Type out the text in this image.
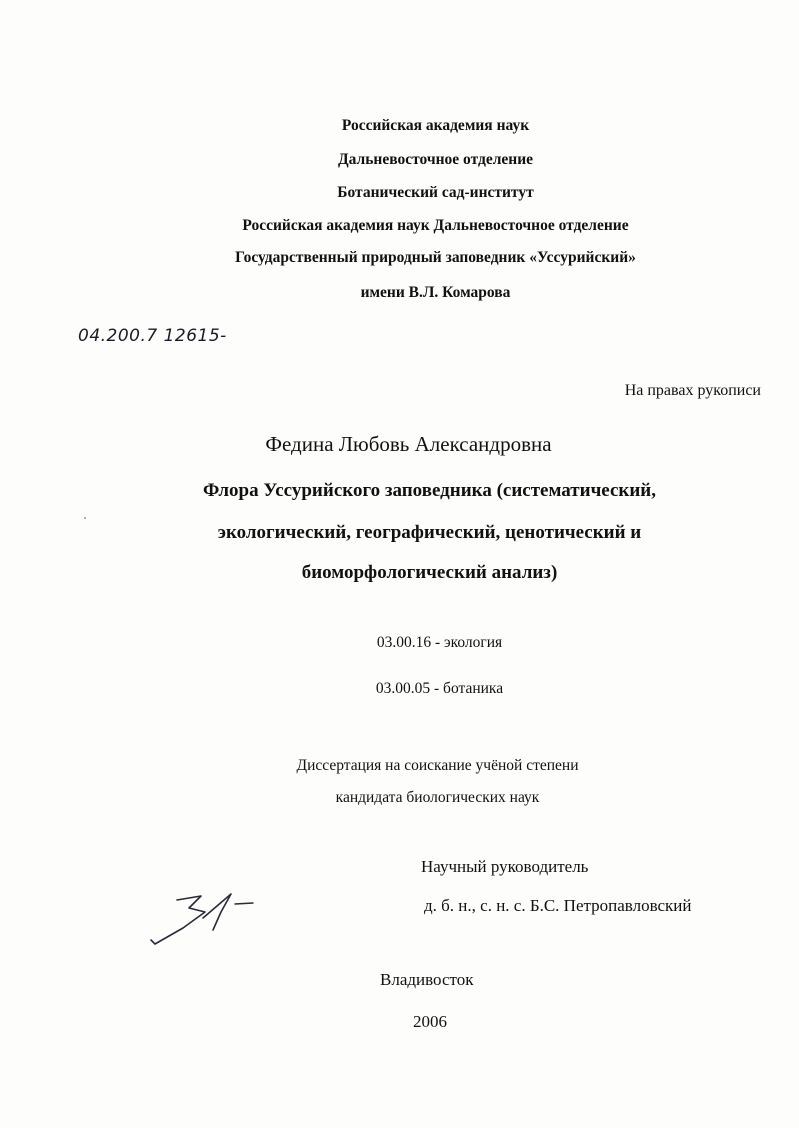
Российская академия наук
Дальневосточное отделение
Ботанический сад-институт
Российская академия наук Дальневосточное отделение
Государственный природный заповедник «Уссурийский»
имени В.Л. Комарова
04.200.7 12615-
На правах рукописи
Федина Любовь Александровна
Флора Уссурийского заповедника (систематический,
экологический, географический, ценотический и
биоморфологический анализ)
03.00.16 - экология
03.00.05 - ботаника
Диссертация на соискание учёной степени
кандидата биологических наук
Научный руководитель
д. б. н., с. н. с. Б.С. Петропавловский
Владивосток
2006
